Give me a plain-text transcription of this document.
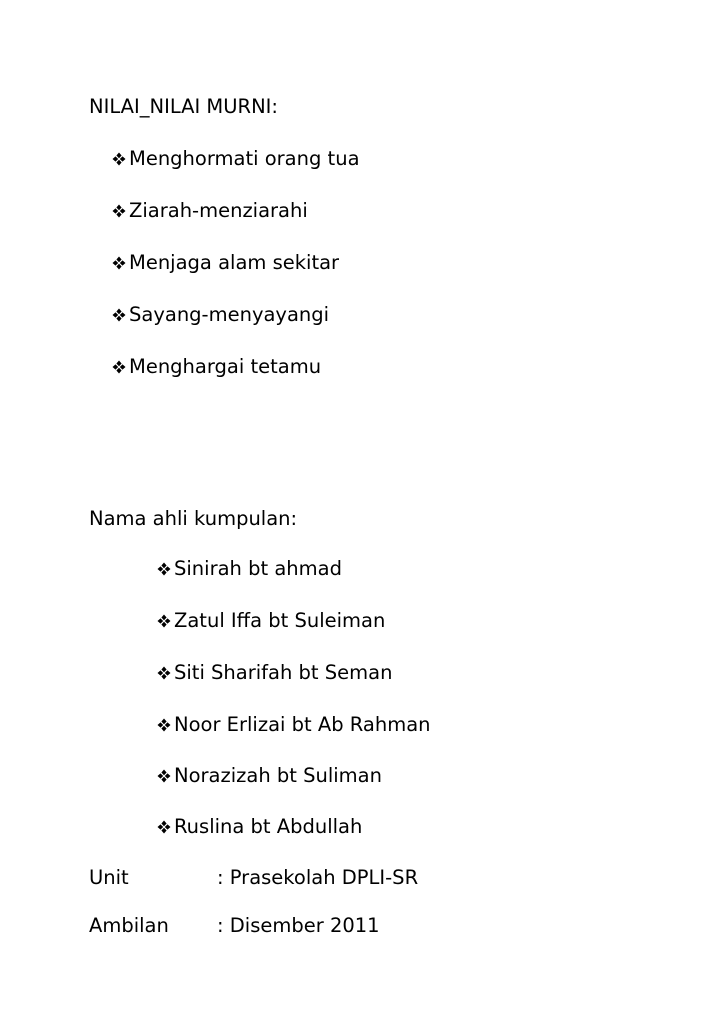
NILAI_NILAI MURNI:
Menghormati orang tua
Ziarah-menziarahi
Menjaga alam sekitar
Sayang-menyayangi
Menghargai tetamu
Nama ahli kumpulan:
Sinirah bt ahmad
Zatul Iffa bt Suleiman
Siti Sharifah bt Seman
Noor Erlizai bt Ab Rahman
Norazizah bt Suliman
Ruslina bt Abdullah
Unit	: Prasekolah DPLI-SR
Ambilan : Disember 2011
